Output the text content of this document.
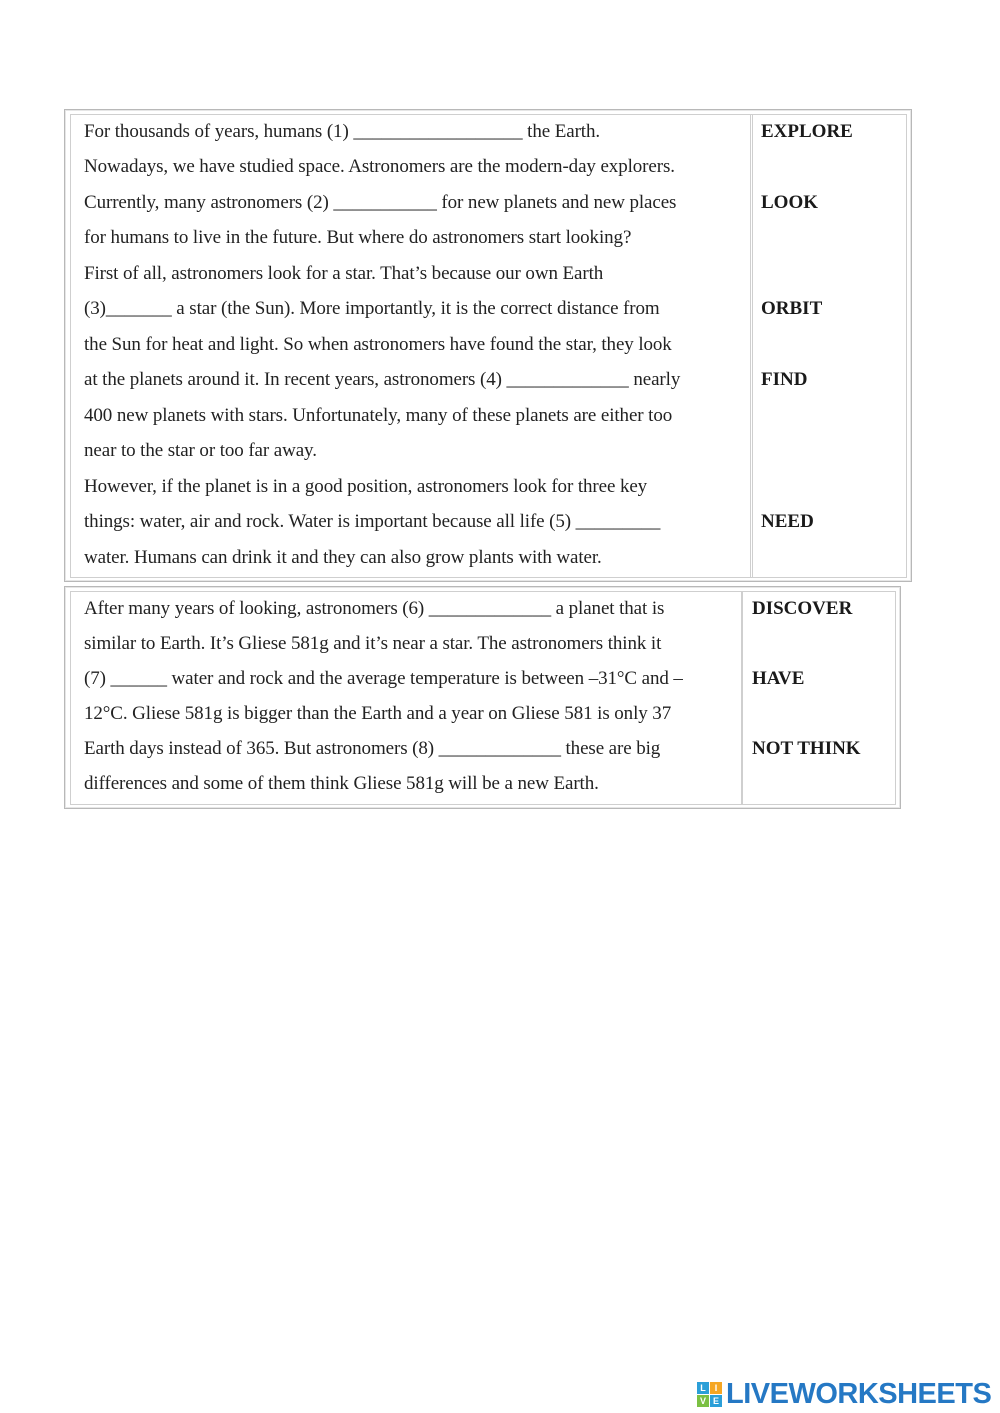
For thousands of years, humans (1) __________________ the Earth.
Nowadays, we have studied space. Astronomers are the modern-day explorers.
Currently, many astronomers (2) ___________ for new planets and new places
for humans to live in the future. But where do astronomers start looking?
First of all, astronomers look for a star. That’s because our own Earth
(3)_______ a star (the Sun). More importantly, it is the correct distance from
the Sun for heat and light. So when astronomers have found the star, they look
at the planets around it. In recent years, astronomers (4) _____________ nearly
400 new planets with stars. Unfortunately, many of these planets are either too
near to the star or too far away.
However, if the planet is in a good position, astronomers look for three key
things: water, air and rock. Water is important because all life (5) _________
water. Humans can drink it and they can also grow plants with water.
EXPLORE
LOOK
ORBIT
FIND
NEED
After many years of looking, astronomers (6) _____________ a planet that is
similar to Earth. It’s Gliese 581g and it’s near a star. The astronomers think it
(7) ______ water and rock and the average temperature is between –31°C and –
12°C. Gliese 581g is bigger than the Earth and a year on Gliese 581 is only 37
Earth days instead of 365. But astronomers (8) _____________ these are big
differences and some of them think Gliese 581g will be a new Earth.
DISCOVER
HAVE
NOT THINK
L I
V E LIVEWORKSHEETS
